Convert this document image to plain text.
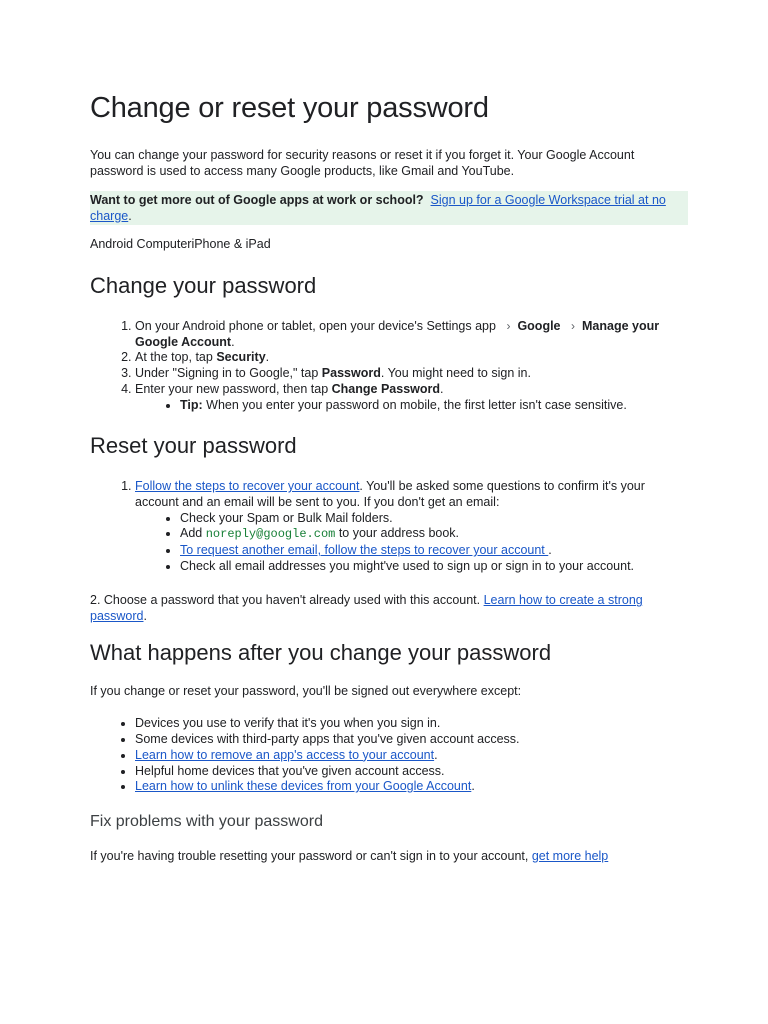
Change or reset your password

You can change your password for security reasons or reset it if you forget it. Your Google Account password is used to access many Google products, like Gmail and YouTube.

Want to get more out of Google apps at work or school? Sign up for a Google Workspace trial at no charge.
Android ComputeriPhone & iPad
Change your password
1. On your Android phone or tablet, open your device's Settings app › Google › Manage your Google Account.
2. At the top, tap Security.
3. Under "Signing in to Google," tap Password. You might need to sign in.
4. Enter your new password, then tap Change Password.
• Tip: When you enter your password on mobile, the first letter isn't case sensitive.
Reset your password
1. Follow the steps to recover your account. You'll be asked some questions to confirm it's your account and an email will be sent to you. If you don't get an email:
• Check your Spam or Bulk Mail folders.
• Add noreply@google.com to your address book.
• To request another email, follow the steps to recover your account .
• Check all email addresses you might've used to sign up or sign in to your account.

2. Choose a password that you haven't already used with this account. Learn how to create a strong password.

What happens after you change your password

If you change or reset your password, you'll be signed out everywhere except:

• Devices you use to verify that it's you when you sign in.
• Some devices with third-party apps that you've given account access.
• Learn how to remove an app's access to your account.
• Helpful home devices that you've given account access.
• Learn how to unlink these devices from your Google Account.
Fix problems with your password

If you're having trouble resetting your password or can't sign in to your account, get more help
